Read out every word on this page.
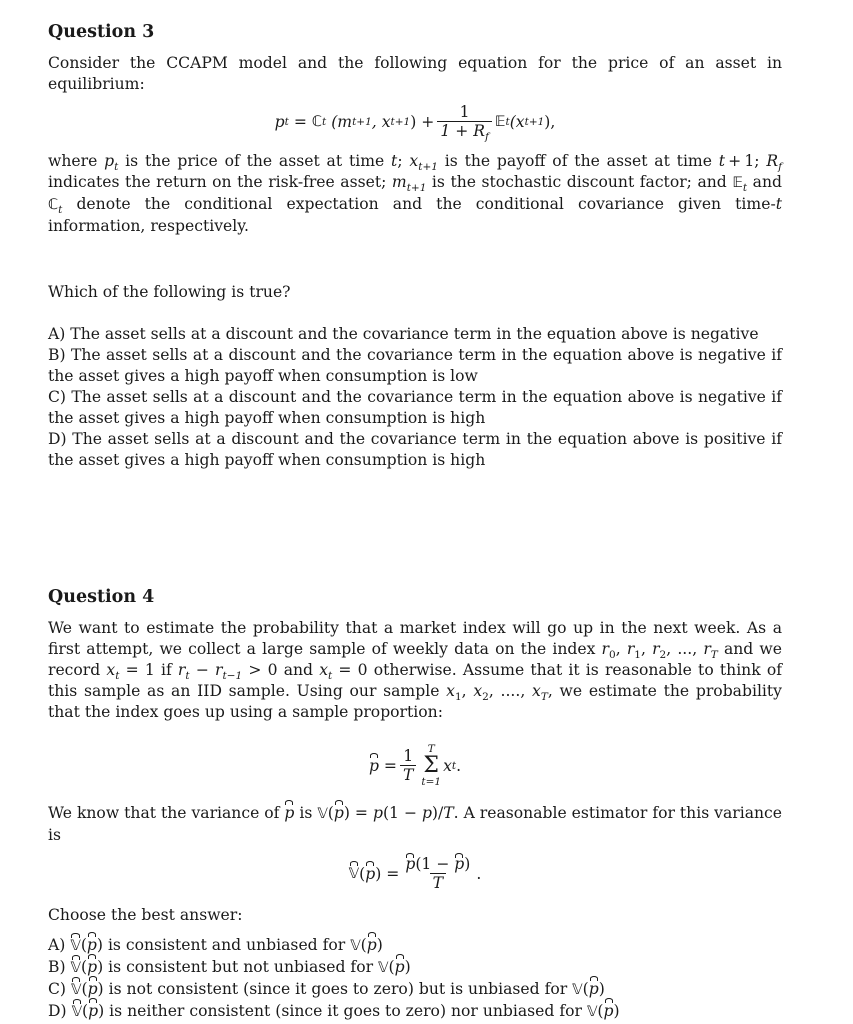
Question 3

Consider the CCAPM model and the following equation for the price of an asset in equilibrium:

p t
=
ℂ t
(m t+1 , x t+1 )
+ $\frac{1}{1 + R_f}$ 𝔼 t (x t+1 ),

where $p_t$ is the price of the asset at time t; $x_{t+1}$ is the payoff of the asset at time t + 1; $R_f$ indicates the return on the risk-free asset; $m_{t+1}$ is the stochastic discount factor; and 𝔼$_t$ and ℂ$_t$ denote the conditional expectation and the conditional covariance given time-t information, respectively.

Which of the following is true?

A) The asset sells at a discount and the covariance term in the equation above is negative

B) The asset sells at a discount and the covariance term in the equation above is negative if the asset gives a high payoff when consumption is low

C) The asset sells at a discount and the covariance term in the equation above is negative if the asset gives a high payoff when consumption is high

D) The asset sells at a discount and the covariance term in the equation above is positive if the asset gives a high payoff when consumption is high

Question 4

We want to estimate the probability that a market index will go up in the next week. As a first attempt, we collect a large sample of weekly data on the index $r_0$, $r_1$, $r_2$, ..., $r_T$ and we record $x_t = 1$ if $r_t - r_{t-1} > 0$ and $x_t = 0$ otherwise. Assume that it is reasonable to think of this sample as an IID sample. Using our sample $x_1$, $x_2$, ...., $x_T$, we estimate the probability that the index goes up using a sample proportion:

$p = \frac{1}{T}$ T
Σ
t=1
x t .

We know that the variance of p is 𝕍(p) = p(1 − p)/T. A reasonable estimator for this variance is

𝕍 ( p ) = $\frac{p(1 - p)}{T}$ .

Choose the best answer:

A) 𝕍(p) is consistent and unbiased for 𝕍(p)

B) 𝕍(p) is consistent but not unbiased for 𝕍(p)

C) 𝕍(p) is not consistent (since it goes to zero) but is unbiased for 𝕍(p)

D) 𝕍(p) is neither consistent (since it goes to zero) nor unbiased for 𝕍(p)
